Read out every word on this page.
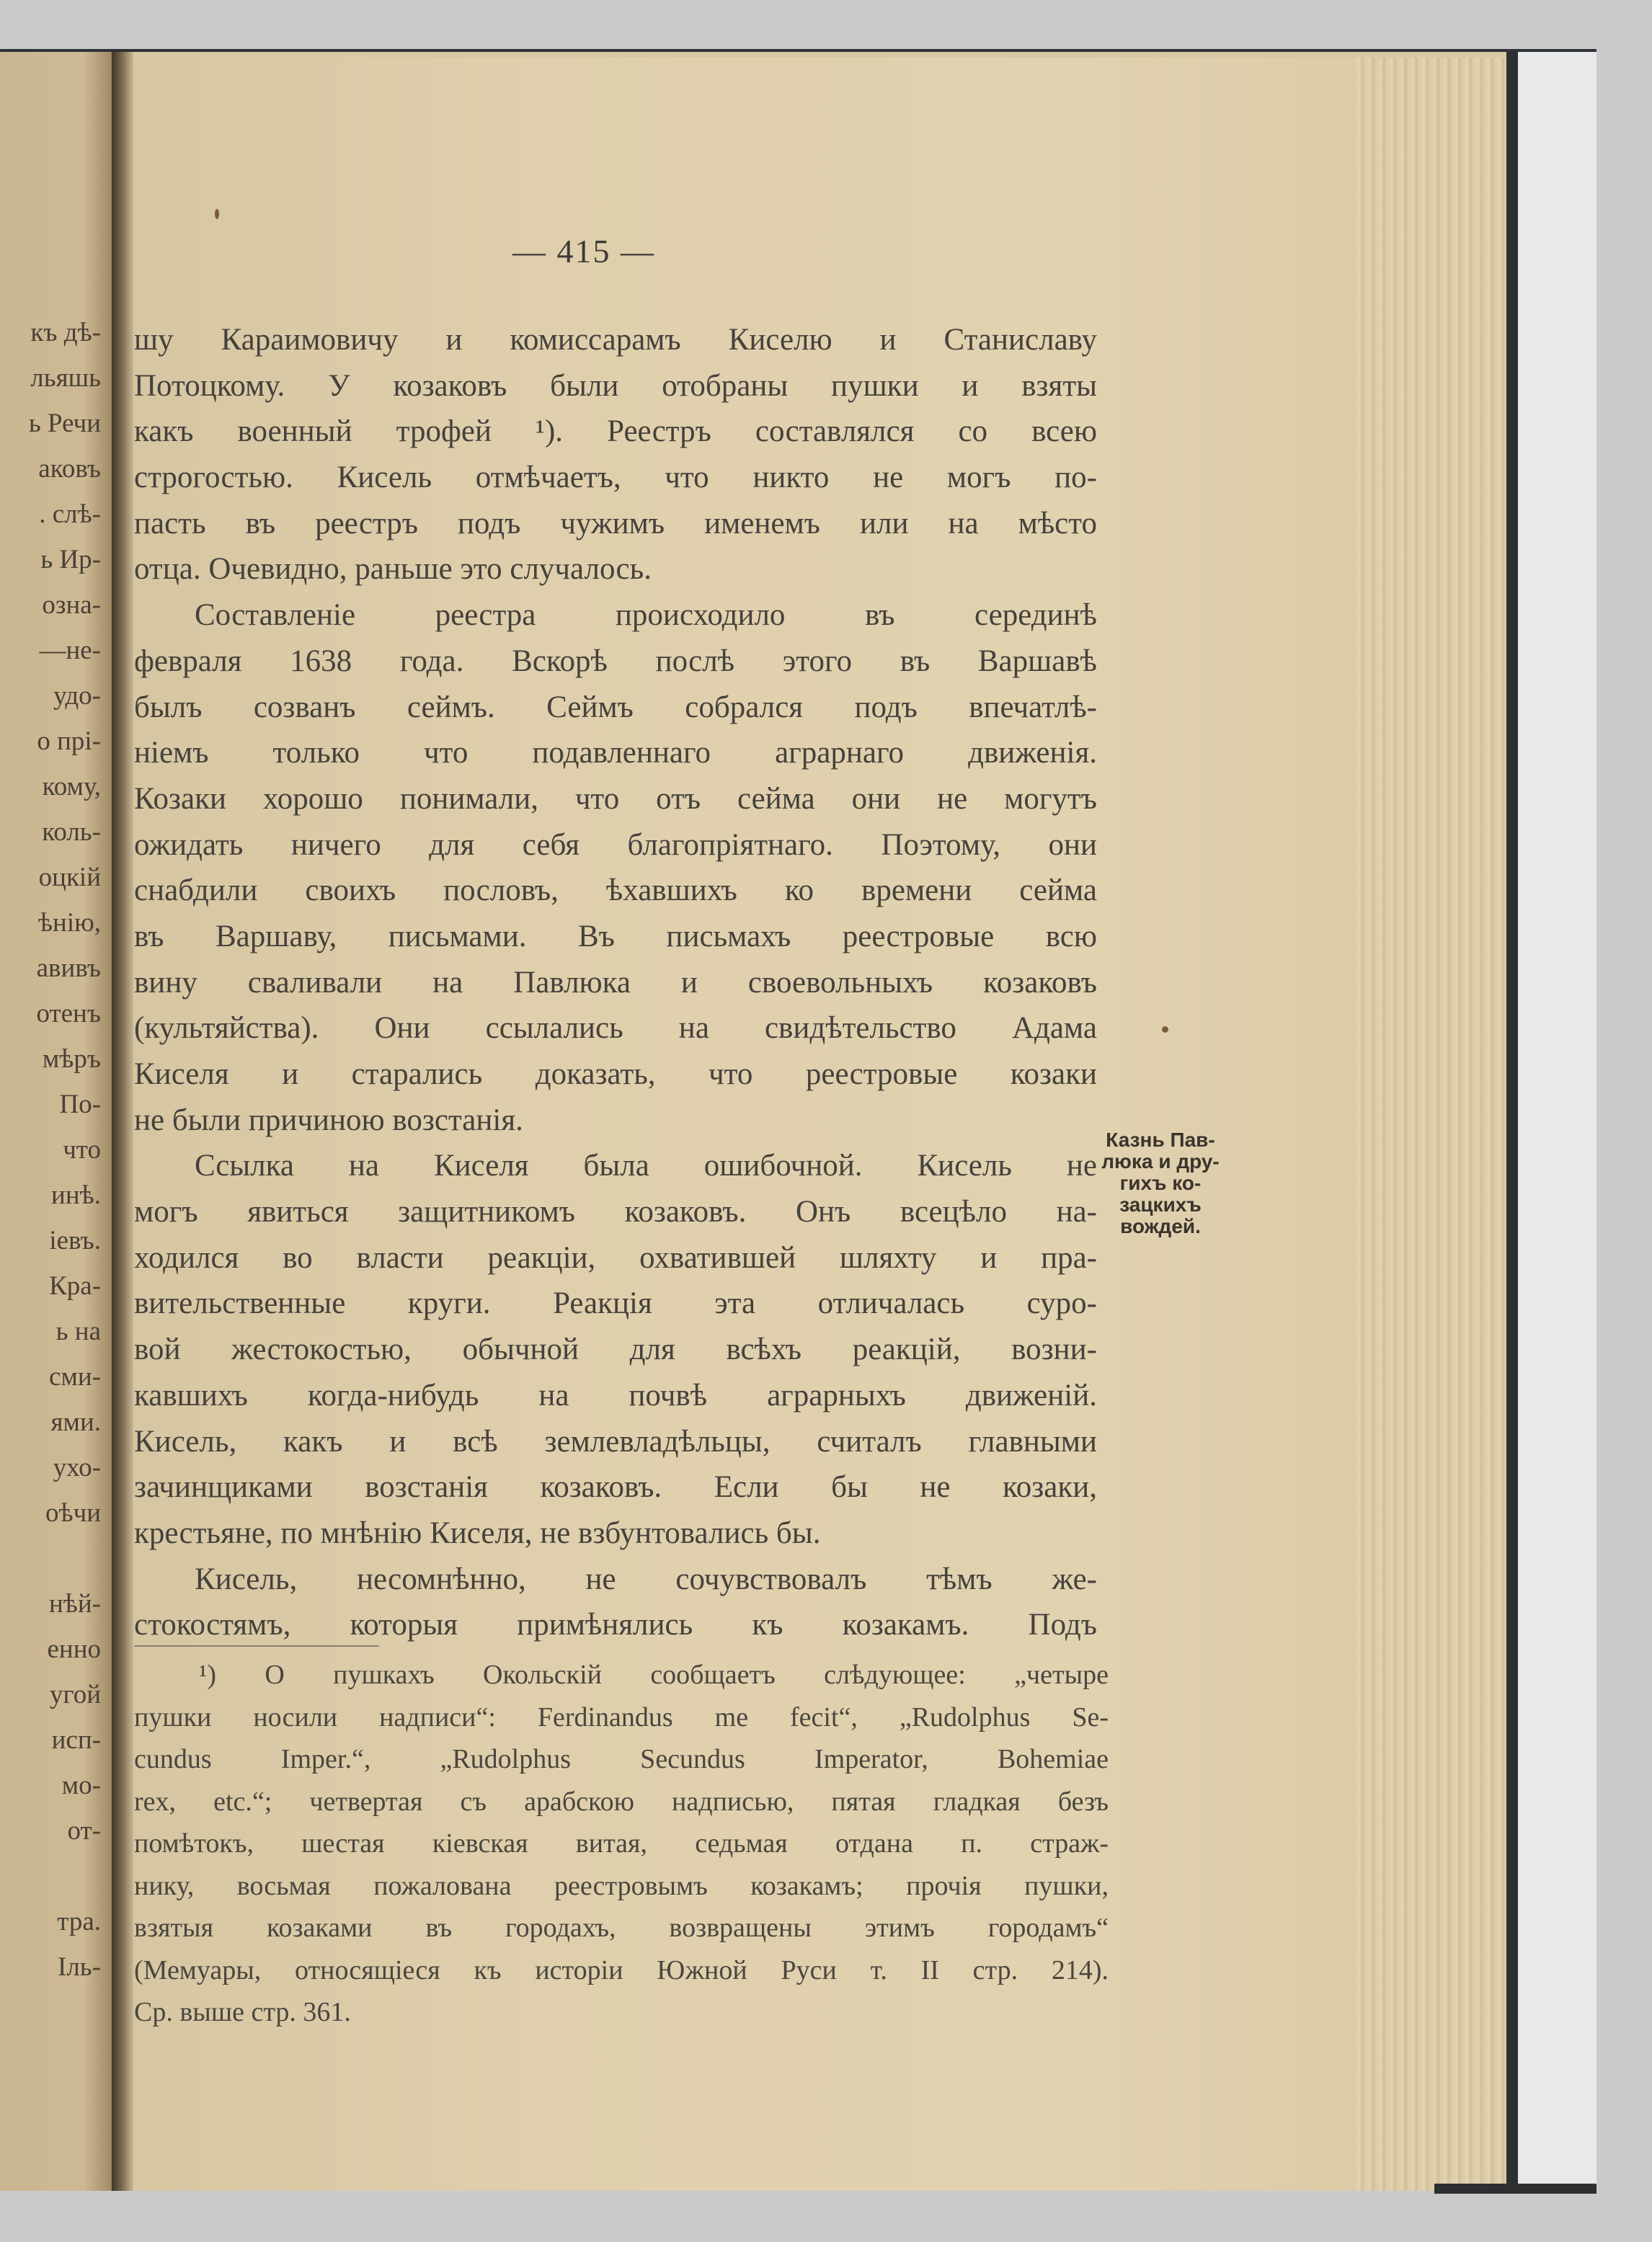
къ дѣ-
льяшь
ь Речи
аковъ
. слѣ-
ь Ир-
озна-
—не-
удо-
о прі-
кому,
коль-
оцкій
ѣнію,
авивъ
отенъ
мѣръ
По-
что
инѣ.
іевъ.
Кра-
ь на
сми-
ями.
ухо-
оѣчи
нѣй-
енно
угой
исп-
мо-
от-
тра.
Іль-
— 415 —
шу Караимовичу и комиссарамъ Киселю и Станиславу
Потоцкому. У козаковъ были отобраны пушки и взяты
какъ военный трофей ¹). Реестръ составлялся со всею
строгостью. Кисель отмѣчаетъ, что никто не могъ по-
пасть въ реестръ подъ чужимъ именемъ или на мѣсто
отца. Очевидно, раньше это случалось.
Составленіе реестра происходило въ серединѣ
февраля 1638 года. Вскорѣ послѣ этого въ Варшавѣ
былъ созванъ сеймъ. Сеймъ собрался подъ впечатлѣ-
ніемъ только что подавленнаго аграрнаго движенія.
Козаки хорошо понимали, что отъ сейма они не могутъ
ожидать ничего для себя благопріятнаго. Поэтому, они
снабдили своихъ пословъ, ѣхавшихъ ко времени сейма
въ Варшаву, письмами. Въ письмахъ реестровые всю
вину сваливали на Павлюка и своевольныхъ козаковъ
(культяйства). Они ссылались на свидѣтельство Адама
Киселя и старались доказать, что реестровые козаки
не были причиною возстанія.
Ссылка на Киселя была ошибочной. Кисель не
могъ явиться защитникомъ козаковъ. Онъ всецѣло на-
ходился во власти реакціи, охватившей шляхту и пра-
вительственные круги. Реакція эта отличалась суро-
вой жестокостью, обычной для всѣхъ реакцій, возни-
кавшихъ когда-нибудь на почвѣ аграрныхъ движеній.
Кисель, какъ и всѣ землевладѣльцы, считалъ главными
зачинщиками возстанія козаковъ. Если бы не козаки,
крестьяне, по мнѣнію Киселя, не взбунтовались бы.
Кисель, несомнѣнно, не сочувствовалъ тѣмъ же-
стокостямъ, которыя примѣнялись къ козакамъ. Подъ
Казнь Пав-
люка и дру-
гихъ ко-
зацкихъ
вождей.
¹) О пушкахъ Окольскій сообщаетъ слѣдующее: „четыре
пушки носили надписи“: Ferdinandus me fecit“, „Rudolphus Se-
cundus Imper.“, „Rudolphus Secundus Imperator, Bohemiae
rex, etc.“; четвертая съ арабскою надписью, пятая гладкая безъ
помѣтокъ, шестая кіевская витая, седьмая отдана п. страж-
нику, восьмая пожалована реестровымъ козакамъ; прочія пушки,
взятыя козаками въ городахъ, возвращены этимъ городамъ“
(Мемуары, относящіеся къ исторіи Южной Руси т. II стр. 214).
Ср. выше стр. 361.
